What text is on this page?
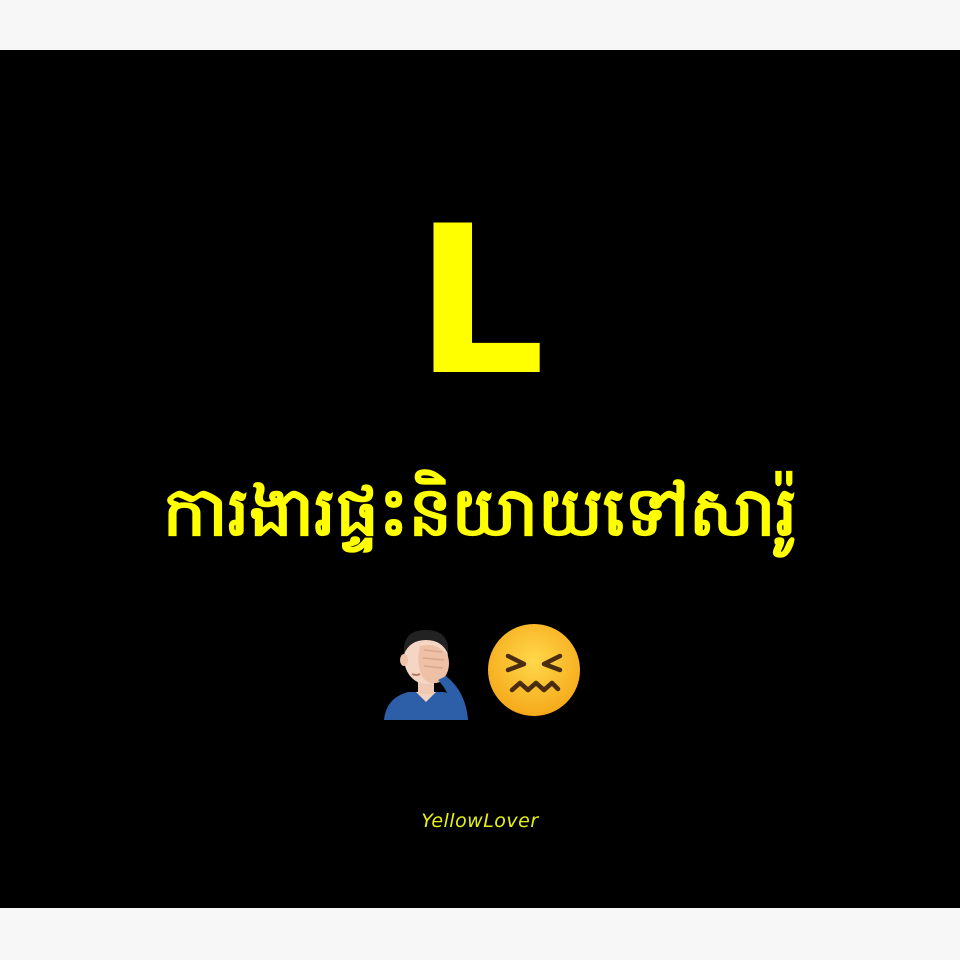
L
ការងារផ្ទះនិយាយទៅសារ៉ូ
YellowLover
